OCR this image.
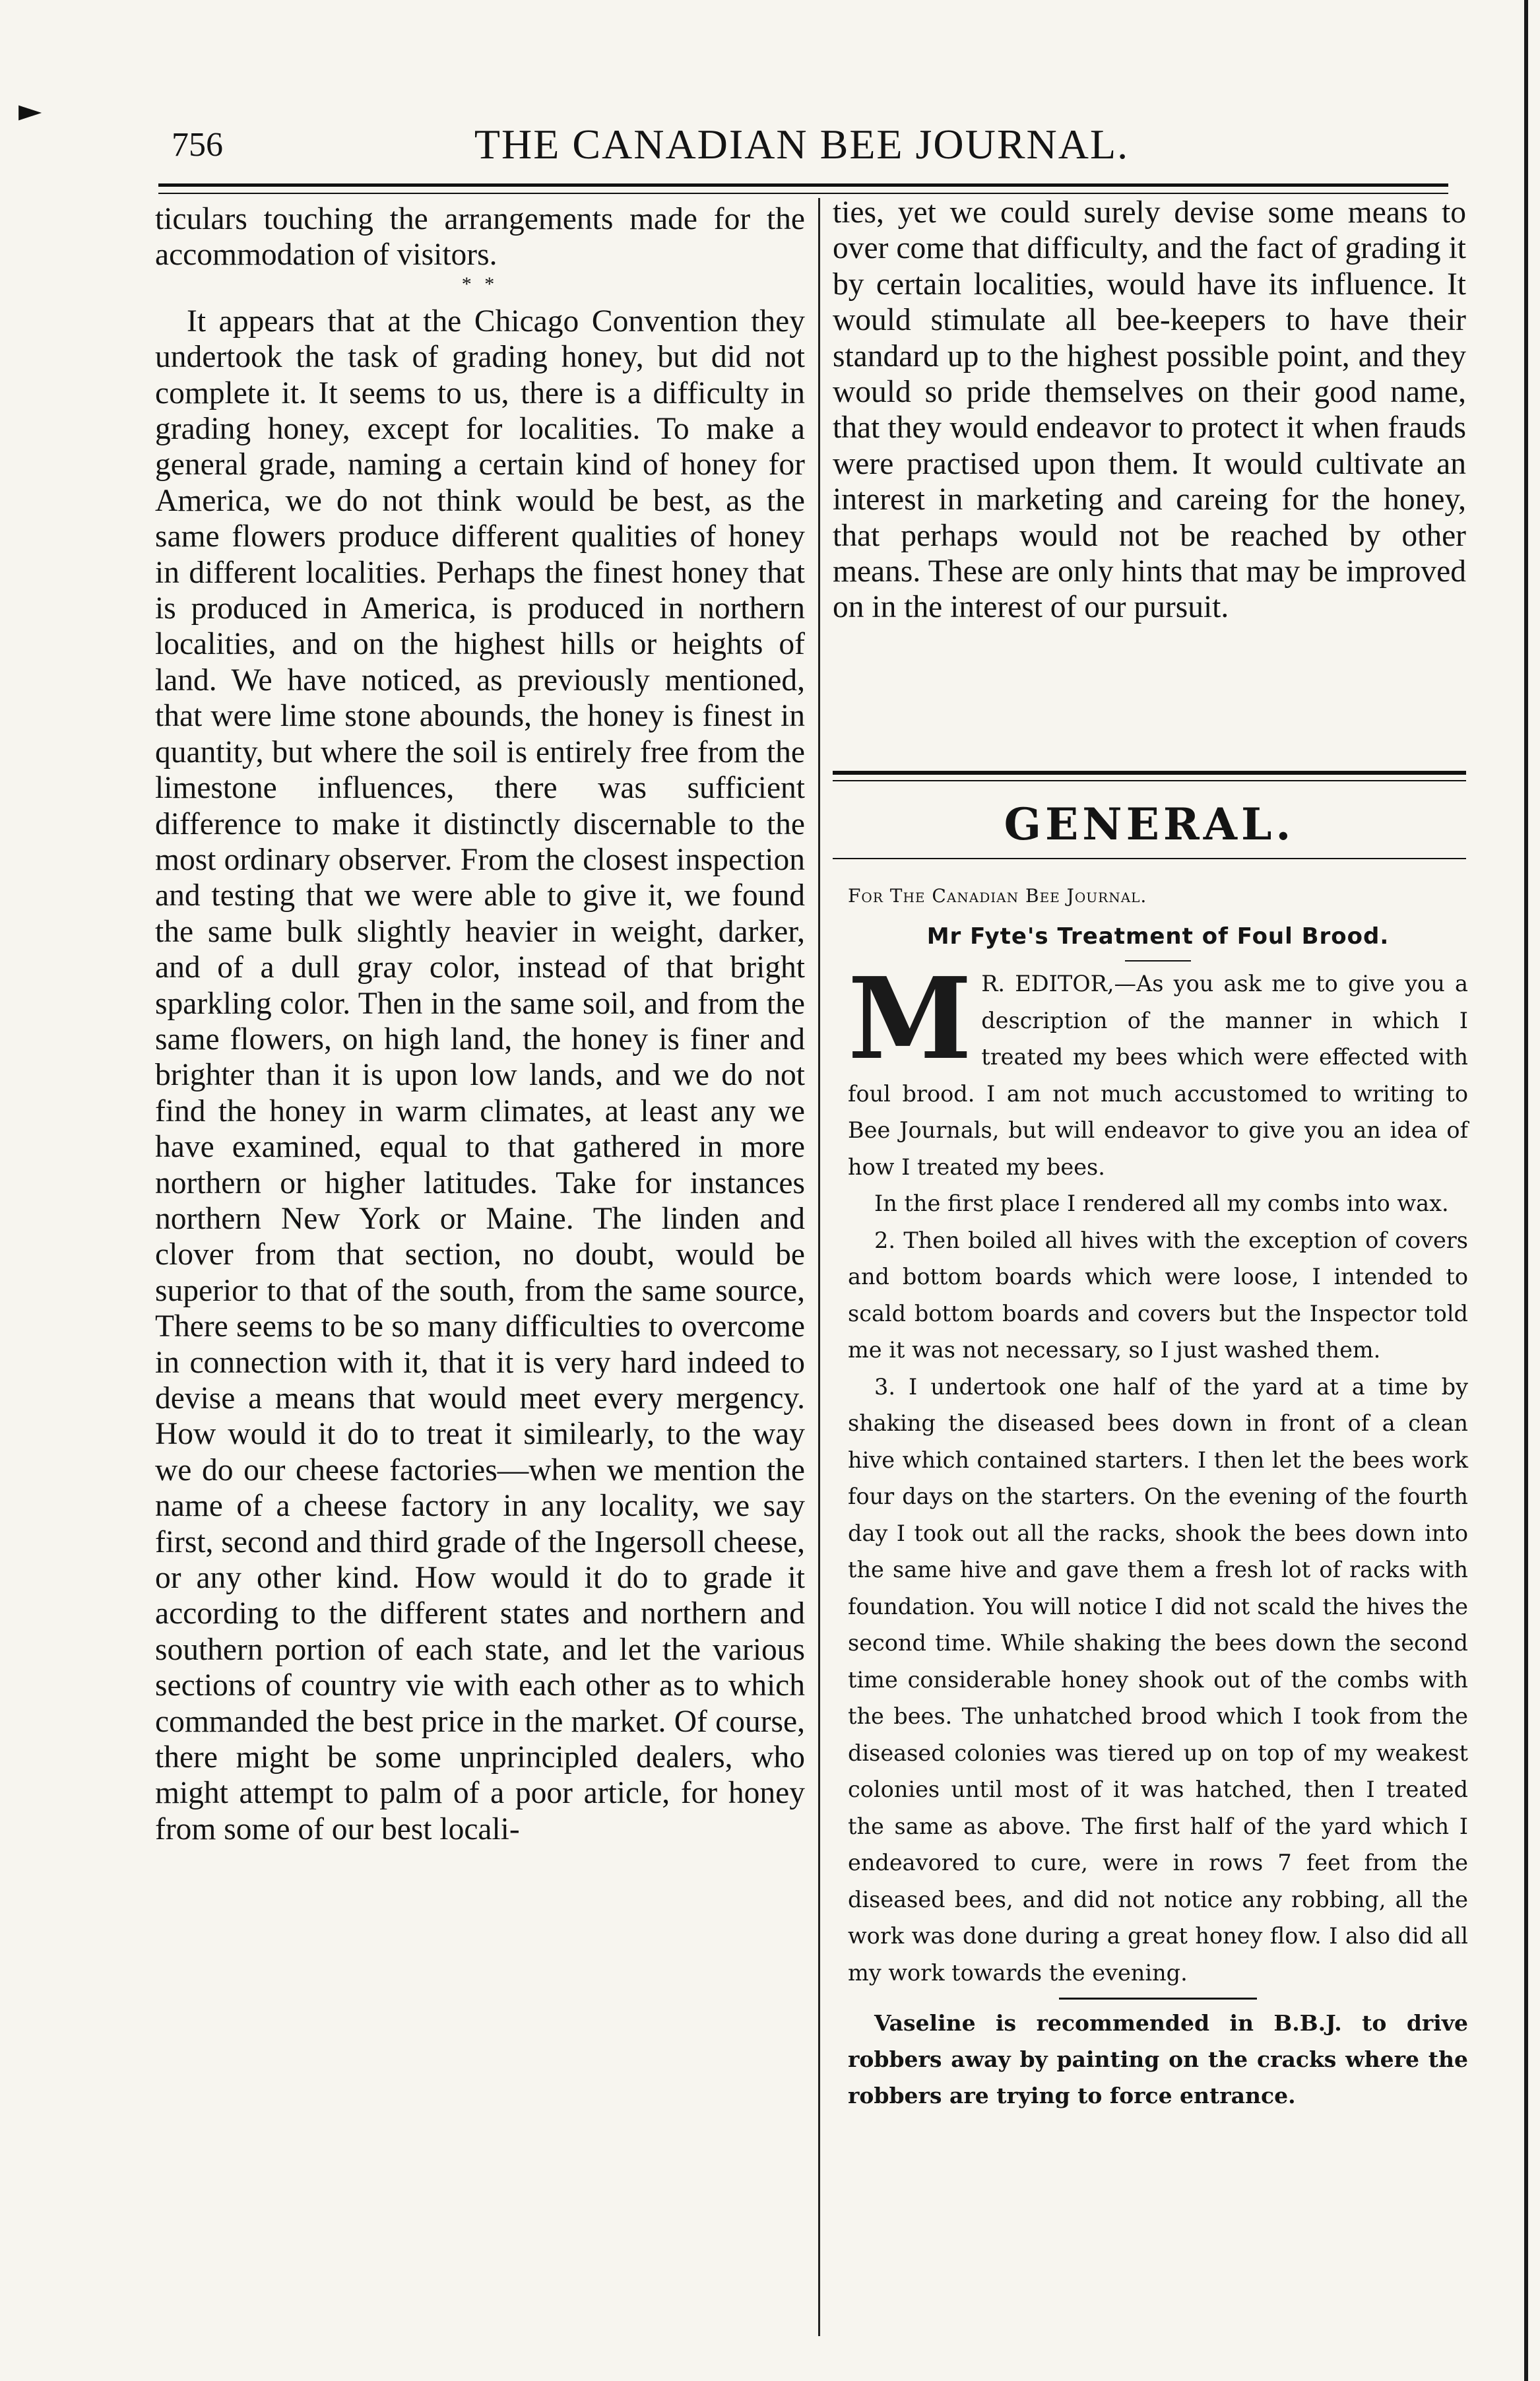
►
756	THE CANADIAN BEE JOURNAL.

ticulars touching the arrangements made for the accommodation of visitors.

* *

It appears that at the Chicago Convention they undertook the task of grading honey, but did not complete it. It seems to us, there is a difficulty in grading honey, except for localities. To make a general grade, naming a certain kind of honey for America, we do not think would be best, as the same flowers produce different qualities of honey in different localities. Perhaps the finest honey that is produced in America, is produced in northern localities, and on the highest hills or heights of land. We have noticed, as previously mentioned, that were lime stone abounds, the honey is finest in quantity, but where the soil is entirely free from the limestone influences, there was sufficient difference to make it distinctly discernable to the most ordinary observer. From the closest inspection and testing that we were able to give it, we found the same bulk slightly heavier in weight, darker, and of a dull gray color, instead of that bright sparkling color. Then in the same soil, and from the same flowers, on high land, the honey is finer and brighter than it is upon low lands, and we do not find the honey in warm climates, at least any we have examined, equal to that gathered in more northern or higher latitudes. Take for instances northern New York or Maine. The linden and clover from that section, no doubt, would be superior to that of the south, from the same source, There seems to be so many difficulties to overcome in connection with it, that it is very hard indeed to devise a means that would meet every mergency. How would it do to treat it similearly, to the way we do our cheese factories—when we mention the name of a cheese factory in any locality, we say first, second and third grade of the Ingersoll cheese, or any other kind. How would it do to grade it according to the different states and northern and southern portion of each state, and let the various sections of country vie with each other as to which commanded the best price in the market. Of course, there might be some unprincipled dealers, who might attempt to palm of a poor article, for honey from some of our best locali-

ties, yet we could surely devise some means to over come that difficulty, and the fact of grading it by certain localities, would have its influence. It would stimulate all bee-keepers to have their standard up to the highest possible point, and they would so pride themselves on their good name, that they would endeavor to protect it when frauds were practised upon them. It would cultivate an interest in marketing and careing for the honey, that perhaps would not be reached by other means. These are only hints that may be improved on in the interest of our pursuit.

GENERAL.

For The Canadian Bee Journal.

Mr Fyte's Treatment of Foul Brood.

M R. EDITOR,—As you ask me to give you a description of the manner in which I treated my bees which were effected with foul brood. I am not much accustomed to writing to Bee Journals, but will endeavor to give you an idea of how I treated my bees.

In the first place I rendered all my combs into wax.

2. Then boiled all hives with the exception of covers and bottom boards which were loose, I intended to scald bottom boards and covers but the Inspector told me it was not necessary, so I just washed them.

3. I undertook one half of the yard at a time by shaking the diseased bees down in front of a clean hive which contained starters. I then let the bees work four days on the starters. On the evening of the fourth day I took out all the racks, shook the bees down into the same hive and gave them a fresh lot of racks with foundation. You will notice I did not scald the hives the second time. While shaking the bees down the second time considerable honey shook out of the combs with the bees. The unhatched brood which I took from the diseased colonies was tiered up on top of my weakest colonies until most of it was hatched, then I treated the same as above. The first half of the yard which I endeavored to cure, were in rows 7 feet from the diseased bees, and did not notice any robbing, all the work was done during a great honey flow. I also did all my work towards the evening.

Vaseline is recommended in B.B.J. to drive robbers away by painting on the cracks where the robbers are trying to force entrance.
